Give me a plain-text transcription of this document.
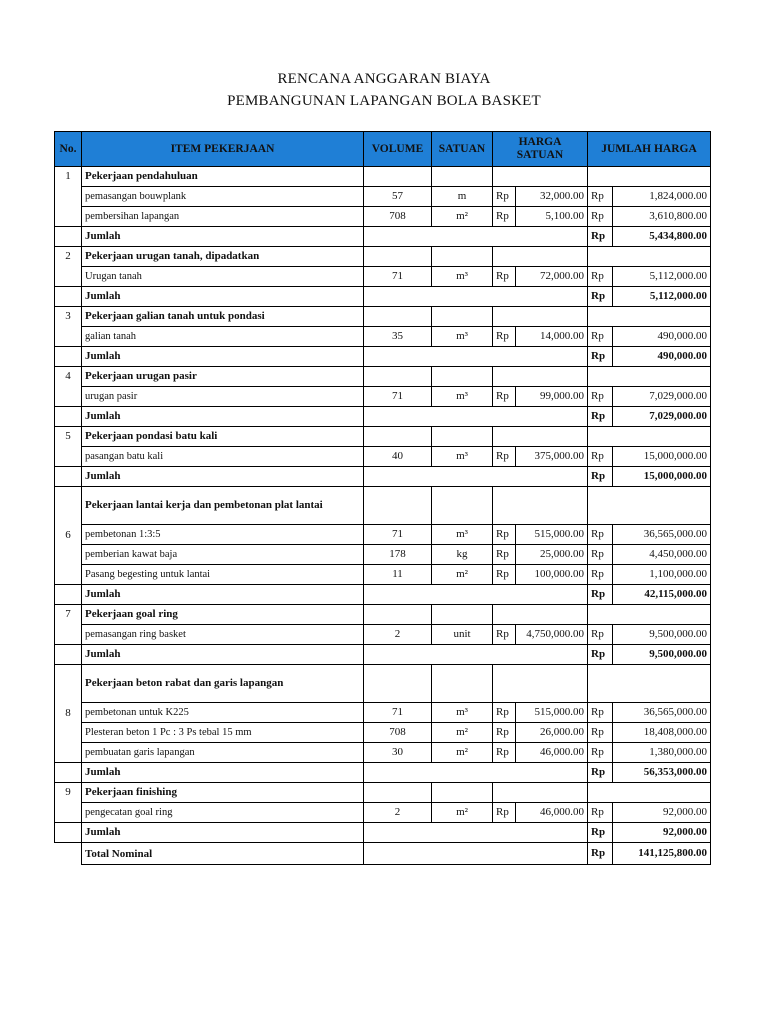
RENCANA ANGGARAN BIAYA
PEMBANGUNAN LAPANGAN BOLA BASKET
No.	ITEM PEKERJAAN	VOLUME	SATUAN	HARGA SATUAN		JUMLAH HARGA	
1	Pekerjaan pendahuluan						
	pemasangan bouwplank	57	m	Rp	32,000.00	Rp	1,824,000.00
	pembersihan lapangan	708	m²	Rp	5,100.00	Rp	3,610,800.00
	Jumlah					Rp	5,434,800.00
2	Pekerjaan urugan tanah, dipadatkan						
	Urugan tanah	71	m³	Rp	72,000.00	Rp	5,112,000.00
	Jumlah					Rp	5,112,000.00
3	Pekerjaan galian tanah untuk pondasi						
	galian tanah	35	m³	Rp	14,000.00	Rp	490,000.00
	Jumlah					Rp	490,000.00
4	Pekerjaan urugan pasir						
	urugan pasir	71	m³	Rp	99,000.00	Rp	7,029,000.00
	Jumlah					Rp	7,029,000.00
5	Pekerjaan pondasi batu kali						
	pasangan batu kali	40	m³	Rp	375,000.00	Rp	15,000,000.00
	Jumlah					Rp	15,000,000.00
6	Pekerjaan lantai kerja dan pembetonan plat lantai						
	pembetonan 1:3:5	71	m³	Rp	515,000.00	Rp	36,565,000.00
	pemberian kawat baja	178	kg	Rp	25,000.00	Rp	4,450,000.00
	Pasang begesting untuk lantai	11	m²	Rp	100,000.00	Rp	1,100,000.00
	Jumlah					Rp	42,115,000.00
7	Pekerjaan goal ring						
	pemasangan ring basket	2	unit	Rp	4,750,000.00	Rp	9,500,000.00
	Jumlah					Rp	9,500,000.00
8	Pekerjaan beton rabat dan garis lapangan						
	pembetonan untuk K225	71	m³	Rp	515,000.00	Rp	36,565,000.00
	Plesteran beton 1 Pc : 3 Ps tebal 15 mm	708	m²	Rp	26,000.00	Rp	18,408,000.00
	pembuatan garis lapangan	30	m²	Rp	46,000.00	Rp	1,380,000.00
	Jumlah					Rp	56,353,000.00
9	Pekerjaan finishing						
	pengecatan goal ring	2	m²	Rp	46,000.00	Rp	92,000.00
	Jumlah					Rp	92,000.00
	Total Nominal					Rp	141,125,800.00
